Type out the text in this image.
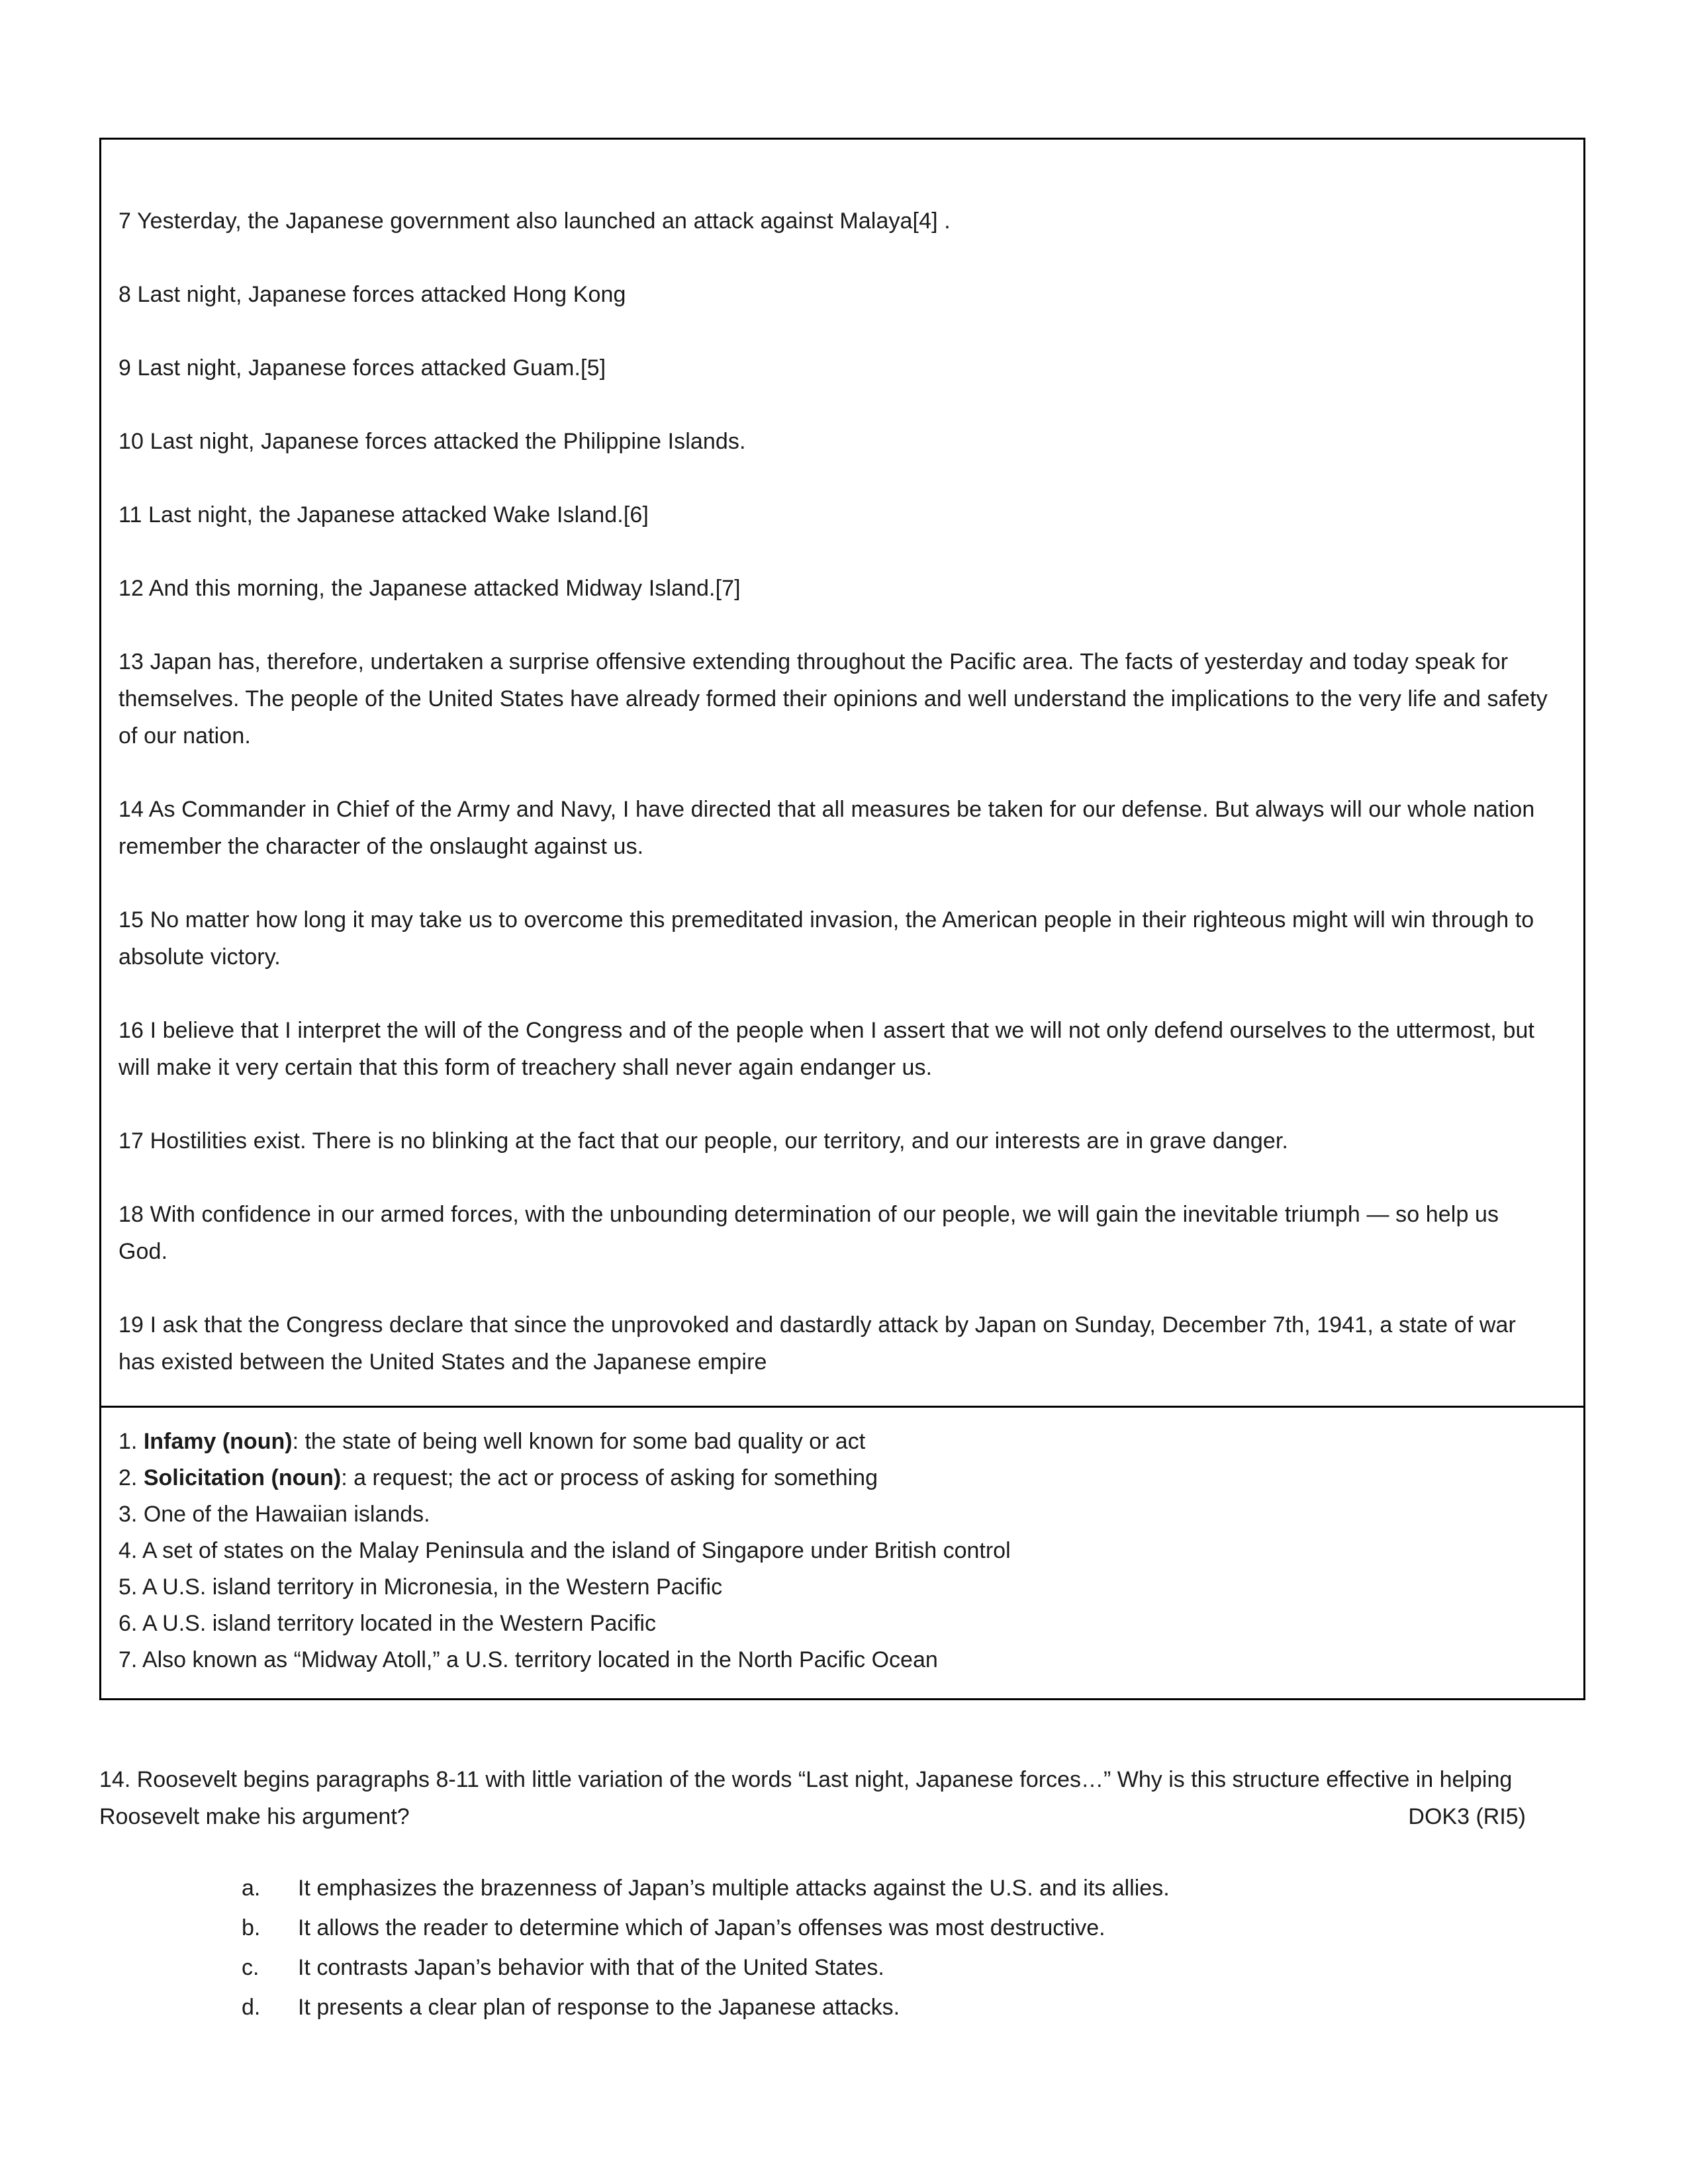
7 Yesterday, the Japanese government also launched an attack against Malaya[4] .

8 Last night, Japanese forces attacked Hong Kong

9 Last night, Japanese forces attacked Guam.[5]

10 Last night, Japanese forces attacked the Philippine Islands.

11 Last night, the Japanese attacked Wake Island.[6]

12 And this morning, the Japanese attacked Midway Island.[7]

13 Japan has, therefore, undertaken a surprise offensive extending throughout the Pacific area. The facts of yesterday and today speak for themselves. The people of the United States have already formed their opinions and well understand the implications to the very life and safety of our nation.

14 As Commander in Chief of the Army and Navy, I have directed that all measures be taken for our defense. But always will our whole nation remember the character of the onslaught against us.

15 No matter how long it may take us to overcome this premeditated invasion, the American people in their righteous might will win through to absolute victory.

16 I believe that I interpret the will of the Congress and of the people when I assert that we will not only defend ourselves to the uttermost, but will make it very certain that this form of treachery shall never again endanger us.

17 Hostilities exist. There is no blinking at the fact that our people, our territory, and our interests are in grave danger.

18 With confidence in our armed forces, with the unbounding determination of our people, we will gain the inevitable triumph — so help us God.

19 I ask that the Congress declare that since the unprovoked and dastardly attack by Japan on Sunday, December 7th, 1941, a state of war has existed between the United States and the Japanese empire

1. Infamy (noun): the state of being well known for some bad quality or act
2. Solicitation (noun): a request; the act or process of asking for something
3. One of the Hawaiian islands.
4. A set of states on the Malay Peninsula and the island of Singapore under British control
5. A U.S. island territory in Micronesia, in the Western Pacific
6. A U.S. island territory located in the Western Pacific
7. Also known as “Midway Atoll,” a U.S. territory located in the North Pacific Ocean
14. Roosevelt begins paragraphs 8-11 with little variation of the words “Last night, Japanese forces…” Why is this structure effective in helping Roosevelt make his argument?	DOK3 (RI5)
a.	It emphasizes the brazenness of Japan’s multiple attacks against the U.S. and its allies.
b.	It allows the reader to determine which of Japan’s offenses was most destructive.
c.	It contrasts Japan’s behavior with that of the United States.
d.	It presents a clear plan of response to the Japanese attacks.
